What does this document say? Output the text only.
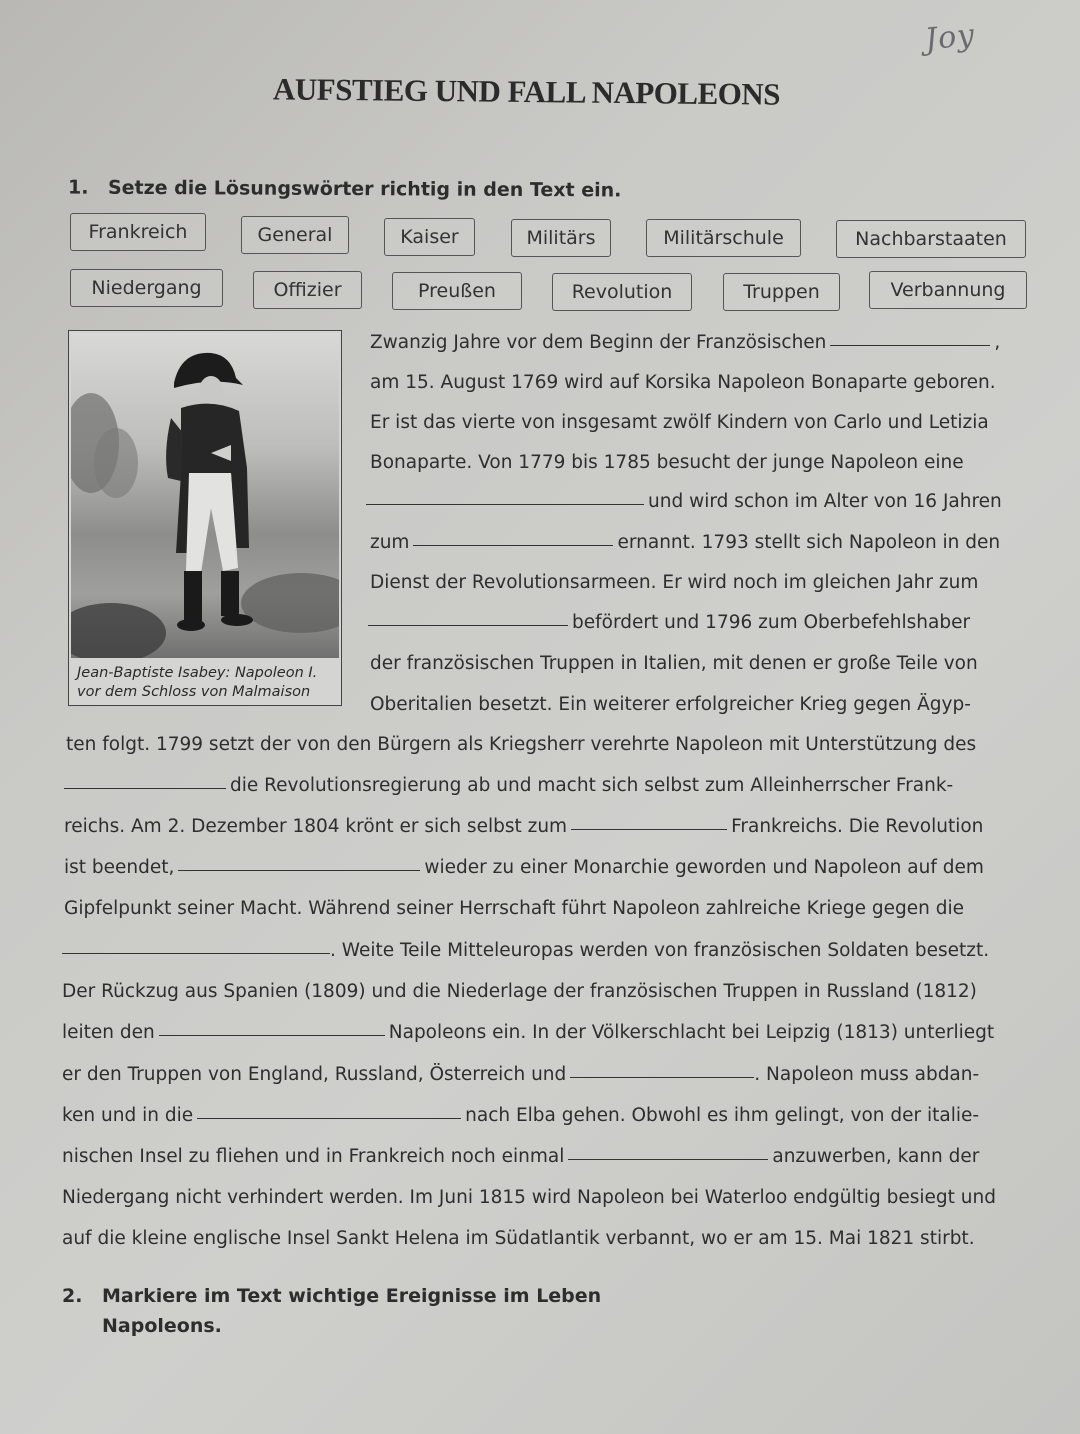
Joy
AUFSTIEG UND FALL NAPOLEONS
1. Setze die Lösungswörter richtig in den Text ein.
Frankreich	General	Kaiser	Militärs	Militärschule	Nachbarstaaten
Niedergang	Offizier	Preußen	Revolution	Truppen	Verbannung
Jean-Baptiste Isabey: Napoleon I.
vor dem Schloss von Malmaison
Zwanzig Jahre vor dem Beginn der Französischen	,
am 15. August 1769 wird auf Korsika Napoleon Bonaparte geboren.
Er ist das vierte von insgesamt zwölf Kindern von Carlo und Letizia
Bonaparte. Von 1779 bis 1785 besucht der junge Napoleon eine
und wird schon im Alter von 16 Jahren
zum	ernannt. 1793 stellt sich Napoleon in den
Dienst der Revolutionsarmeen. Er wird noch im gleichen Jahr zum
befördert und 1796 zum Oberbefehlshaber
der französischen Truppen in Italien, mit denen er große Teile von
Oberitalien besetzt. Ein weiterer erfolgreicher Krieg gegen Ägyp-
ten folgt. 1799 setzt der von den Bürgern als Kriegsherr verehrte Napoleon mit Unterstützung des
die Revolutionsregierung ab und macht sich selbst zum Alleinherrscher Frank-
reichs. Am 2. Dezember 1804 krönt er sich selbst zum	Frankreichs. Die Revolution
ist beendet,	wieder zu einer Monarchie geworden und Napoleon auf dem
Gipfelpunkt seiner Macht. Während seiner Herrschaft führt Napoleon zahlreiche Kriege gegen die
. Weite Teile Mitteleuropas werden von französischen Soldaten besetzt.
Der Rückzug aus Spanien (1809) und die Niederlage der französischen Truppen in Russland (1812)
leiten den	Napoleons ein. In der Völkerschlacht bei Leipzig (1813) unterliegt
er den Truppen von England, Russland, Österreich und	. Napoleon muss abdan-
ken und in die	nach Elba gehen. Obwohl es ihm gelingt, von der italie-
nischen Insel zu fliehen und in Frankreich noch einmal	anzuwerben, kann der
Niedergang nicht verhindert werden. Im Juni 1815 wird Napoleon bei Waterloo endgültig besiegt und
auf die kleine englische Insel Sankt Helena im Südatlantik verbannt, wo er am 15. Mai 1821 stirbt.
2. Markiere im Text wichtige Ereignisse im Leben
Napoleons.
